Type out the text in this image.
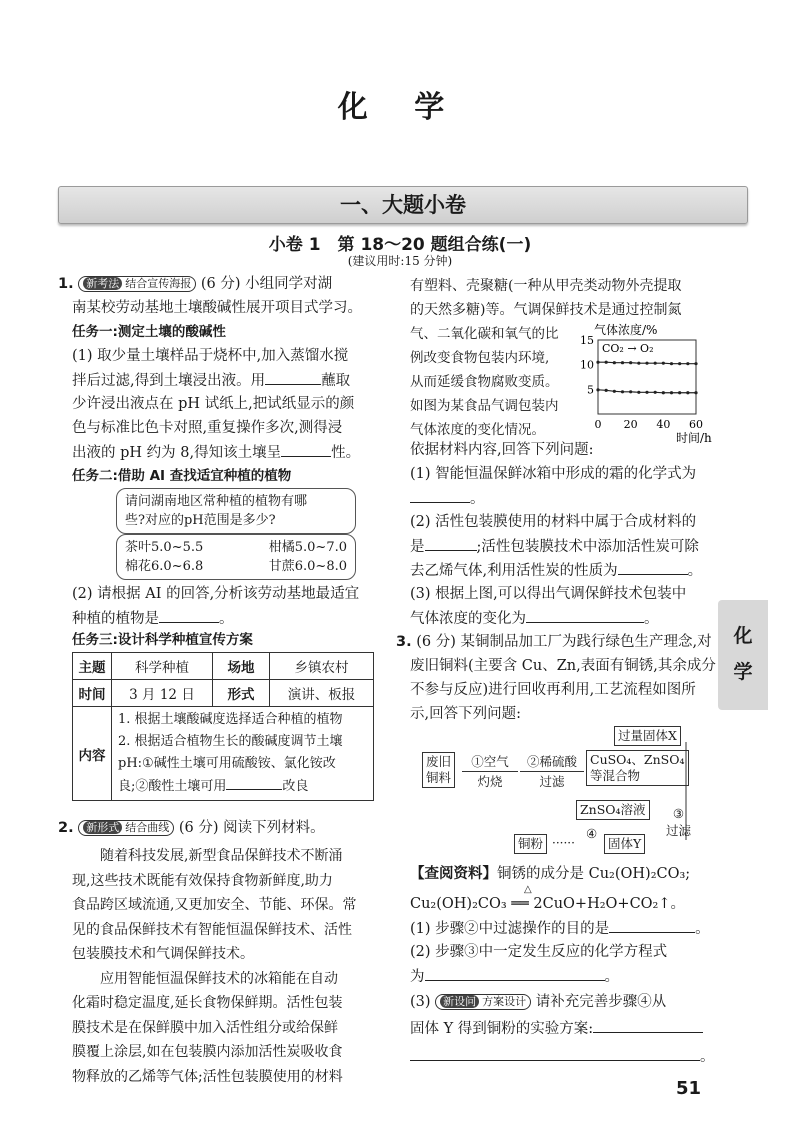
化 学
一、大题小卷
小卷 1　第 18～20 题组合练(一)
(建议用时:15 分钟)
1. 新考法 结合宣传海报 (6 分) 小组同学对湖
南某校劳动基地土壤酸碱性展开项目式学习。
任务一:测定土壤的酸碱性
(1) 取少量土壤样品于烧杯中,加入蒸馏水搅
拌后过滤,得到土壤浸出液。用	蘸取
少许浸出液点在 pH 试纸上,把试纸显示的颜
色与标准比色卡对照,重复操作多次,测得浸
出液的 pH 约为 8,得知该土壤呈	性。
任务二:借助 AI 查找适宜种植的植物
请问湖南地区常种植的植物有哪
些?对应的pH范围是多少?
茶叶5.0~5.5	柑橘5.0~7.0
棉花6.0~6.8	甘蔗6.0~8.0
(2) 请根据 AI 的回答,分析该劳动基地最适宜
种植的植物是	。
任务三:设计科学种植宣传方案
主题	科学种植	场地	乡镇农村
时间	3 月 12 日	形式	演讲、板报
内容	1. 根据土壤酸碱度选择适合种植的植物
2. 根据适合植物生长的酸碱度调节土壤
pH:①碱性土壤可用硫酸铵、氯化铵改
良;②酸性土壤可用 改良		
2. 新形式 结合曲线 (6 分) 阅读下列材料。
随着科技发展,新型食品保鲜技术不断涌
现,这些技术既能有效保持食物新鲜度,助力
食品跨区域流通,又更加安全、节能、环保。常
见的食品保鲜技术有智能恒温保鲜技术、活性
包装膜技术和气调保鲜技术。
应用智能恒温保鲜技术的冰箱能在自动
化霜时稳定温度,延长食物保鲜期。活性包装
膜技术是在保鲜膜中加入活性组分或给保鲜
膜覆上涂层,如在包装膜内添加活性炭吸收食
物释放的乙烯等气体;活性包装膜使用的材料
有塑料、壳聚糖(一种从甲壳类动物外壳提取
的天然多糖)等。气调保鲜技术是通过控制氮
气、二氧化碳和氧气的比
例改变食物包装内环境,
从而延缓食物腐败变质。
如图为某食品气调包装内
气体浓度的变化情况。
气体浓度/%
CO₂ → O₂
5
10
15
0 20 40 60
时间/h
依据材料内容,回答下列问题:
(1) 智能恒温保鲜冰箱中形成的霜的化学式为
。
(2) 活性包装膜使用的材料中属于合成材料的
是	;活性包装膜技术中添加活性炭可除
去乙烯气体,利用活性炭的性质为	。
(3) 根据上图,可以得出气调保鲜技术包装中
气体浓度的变化为	。
3. (6 分) 某铜制品加工厂为践行绿色生产理念,对
废旧铜料(主要含 Cu、Zn,表面有铜锈,其余成分
不参与反应)进行回收再利用,工艺流程如图所
示,回答下列问题:
废旧
铜料
①空气
灼烧
②稀硫酸
过滤
CuSO₄、ZnSO₄
等混合物
过量固体X
③
过滤
ZnSO₄溶液
固体Y
④
······
铜粉
【查阅资料】铜锈的成分是 Cu₂(OH)₂CO₃;
△
Cu₂(OH)₂CO₃ ══ 2CuO+H₂O+CO₂↑。
(1) 步骤②中过滤操作的目的是	。
(2) 步骤③中一定发生反应的化学方程式
为	。
(3) 新设问 方案设计 请补充完善步骤④从
固体 Y 得到铜粉的实验方案:
。
化
学
51
